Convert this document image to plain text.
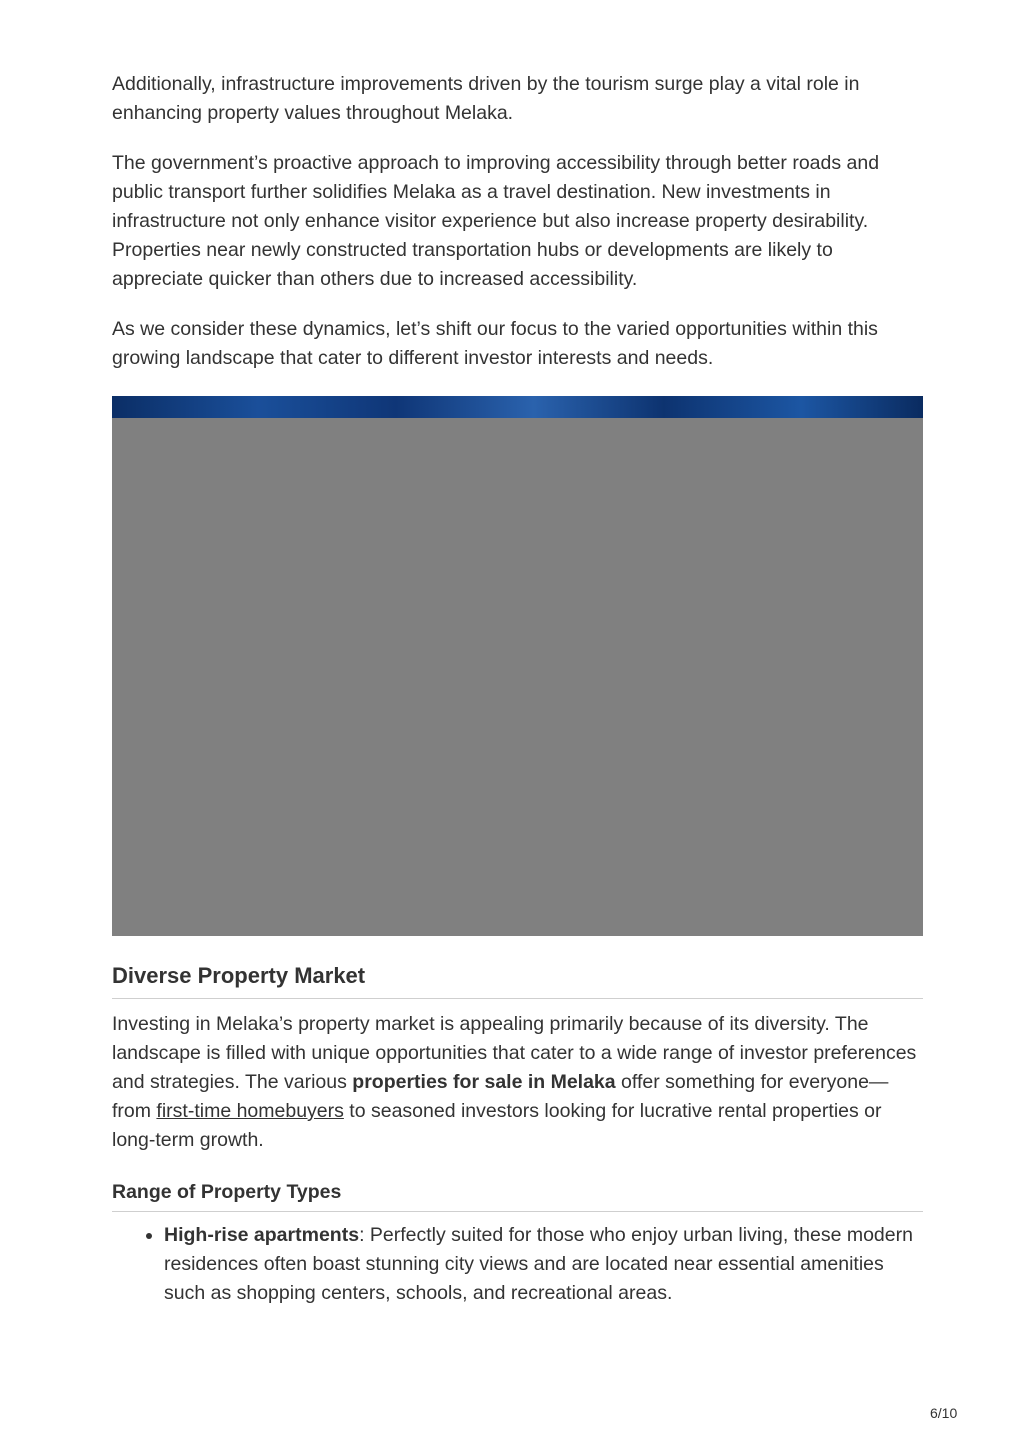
Additionally, infrastructure improvements driven by the tourism surge play a vital role in enhancing property values throughout Melaka.

The government’s proactive approach to improving accessibility through better roads and public transport further solidifies Melaka as a travel destination. New investments in infrastructure not only enhance visitor experience but also increase property desirability. Properties near newly constructed transportation hubs or developments are likely to appreciate quicker than others due to increased accessibility.

As we consider these dynamics, let’s shift our focus to the varied opportunities within this growing landscape that cater to different investor interests and needs.

Diverse Property Market

Investing in Melaka’s property market is appealing primarily because of its diversity. The landscape is filled with unique opportunities that cater to a wide range of investor preferences and strategies. The various properties for sale in Melaka offer something for everyone—from first-time homebuyers to seasoned investors looking for lucrative rental properties or long-term growth.

Range of Property Types
• High-rise apartments: Perfectly suited for those who enjoy urban living, these modern residences often boast stunning city views and are located near essential amenities such as shopping centers, schools, and recreational areas.
6/10
